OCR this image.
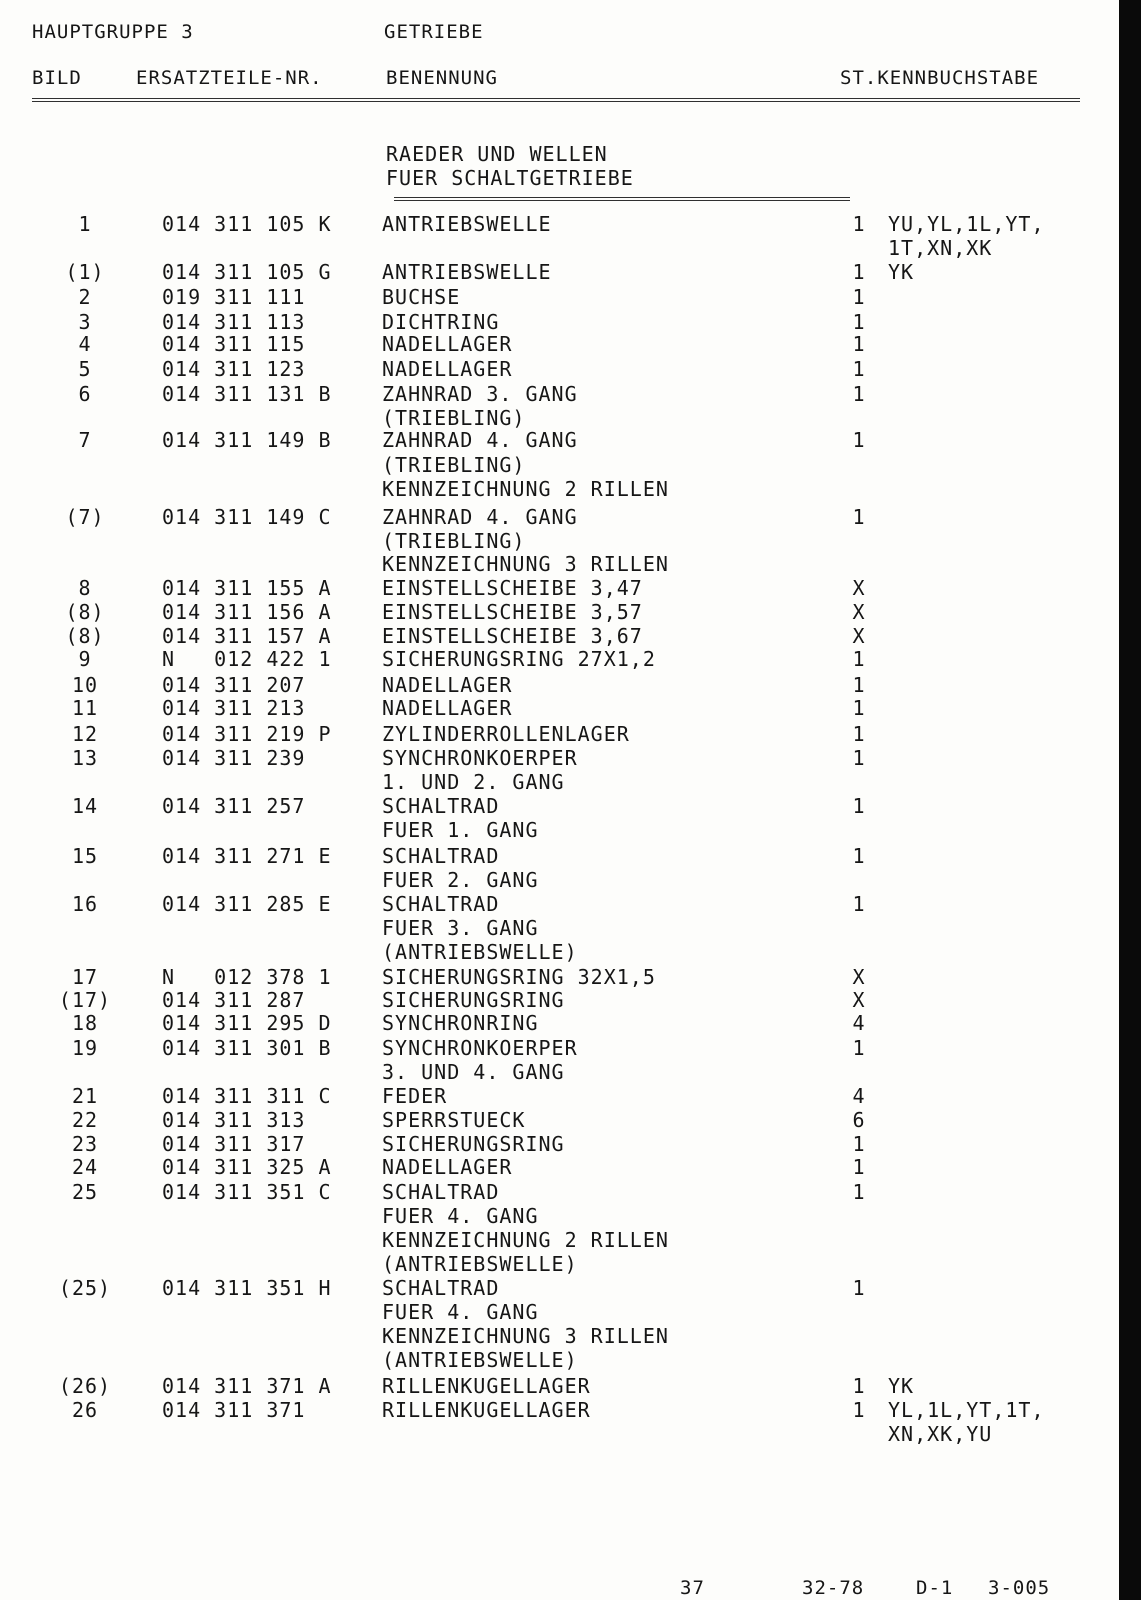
HAUPTGRUPPE 3	GETRIEBE
BILD	ERSATZTEILE-NR.	BENENNUNG	ST.KENNBUCHSTABE
RAEDER UND WELLEN
FUER SCHALTGETRIEBE
1	014 311 105 K	ANTRIEBSWELLE	1	YU,YL,1L,YT,
1T,XN,XK
(1)	014 311 105 G	ANTRIEBSWELLE	1	YK
2	019 311 111	BUCHSE	1
3	014 311 113	DICHTRING	1
4	014 311 115	NADELLAGER	1
5	014 311 123	NADELLAGER	1
6	014 311 131 B	ZAHNRAD 3. GANG	1
(TRIEBLING)
7	014 311 149 B	ZAHNRAD 4. GANG	1
(TRIEBLING)
KENNZEICHNUNG 2 RILLEN
(7)	014 311 149 C	ZAHNRAD 4. GANG	1
(TRIEBLING)
KENNZEICHNUNG 3 RILLEN
8	014 311 155 A	EINSTELLSCHEIBE 3,47	X
(8)	014 311 156 A	EINSTELLSCHEIBE 3,57	X
(8)	014 311 157 A	EINSTELLSCHEIBE 3,67	X
9	N   012 422 1	SICHERUNGSRING 27X1,2	1
10	014 311 207	NADELLAGER	1
11	014 311 213	NADELLAGER	1
12	014 311 219 P	ZYLINDERROLLENLAGER	1
13	014 311 239	SYNCHRONKOERPER	1
1. UND 2. GANG
14	014 311 257	SCHALTRAD	1
FUER 1. GANG
15	014 311 271 E	SCHALTRAD	1
FUER 2. GANG
16	014 311 285 E	SCHALTRAD	1
FUER 3. GANG
(ANTRIEBSWELLE)
17	N   012 378 1	SICHERUNGSRING 32X1,5	X
(17)	014 311 287	SICHERUNGSRING	X
18	014 311 295 D	SYNCHRONRING	4
19	014 311 301 B	SYNCHRONKOERPER	1
3. UND 4. GANG
21	014 311 311 C	FEDER	4
22	014 311 313	SPERRSTUECK	6
23	014 311 317	SICHERUNGSRING	1
24	014 311 325 A	NADELLAGER	1
25	014 311 351 C	SCHALTRAD	1
FUER 4. GANG
KENNZEICHNUNG 2 RILLEN
(ANTRIEBSWELLE)
(25)	014 311 351 H	SCHALTRAD	1
FUER 4. GANG
KENNZEICHNUNG 3 RILLEN
(ANTRIEBSWELLE)
(26)	014 311 371 A	RILLENKUGELLAGER	1	YK
26	014 311 371	RILLENKUGELLAGER	1	YL,1L,YT,1T,
XN,XK,YU
37	32-78	D-1 3-005
